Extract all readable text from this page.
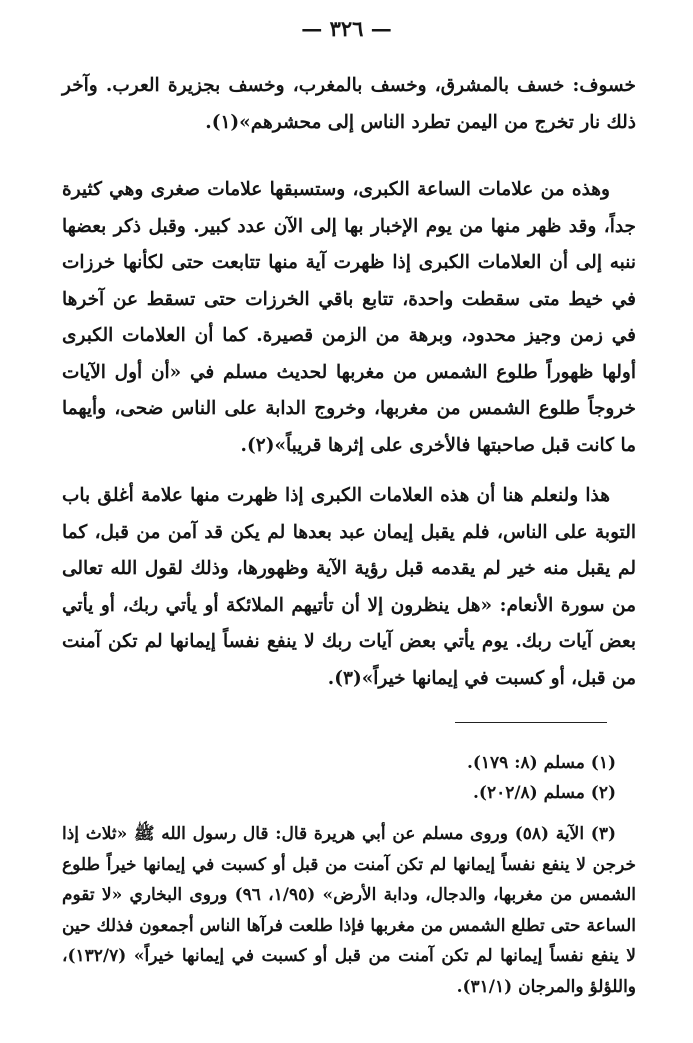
— ٣٢٦ —

خسوف: خسف بالمشرق، وخسف بالمغرب، وخسف بجزيرة العرب. وآخر ذلك نار تخرج من اليمن تطرد الناس إلى محشرهم»(١).

وهذه من علامات الساعة الكبرى، وستسبقها علامات صغرى وهي كثيرة جداً، وقد ظهر منها من يوم الإخبار بها إلى الآن عدد كبير. وقبل ذكر بعضها ننبه إلى أن العلامات الكبرى إذا ظهرت آية منها تتابعت حتى لكأنها خرزات في خيط متى سقطت واحدة، تتابع باقي الخرزات حتى تسقط عن آخرها في زمن وجيز محدود، وبرهة من الزمن قصيرة. كما أن العلامات الكبرى أولها ظهوراً طلوع الشمس من مغربها لحديث مسلم في «أن أول الآيات خروجاً طلوع الشمس من مغربها، وخروج الدابة على الناس ضحى، وأيهما ما كانت قبل صاحبتها فالأخرى على إثرها قريباً»(٢).

هذا ولنعلم هنا أن هذه العلامات الكبرى إذا ظهرت منها علامة أغلق باب التوبة على الناس، فلم يقبل إيمان عبد بعدها لم يكن قد آمن من قبل، كما لم يقبل منه خير لم يقدمه قبل رؤية الآية وظهورها، وذلك لقول الله تعالى من سورة الأنعام: «هل ينظرون إلا أن تأتيهم الملائكة أو يأتي ربك، أو يأتي بعض آيات ربك. يوم يأتي بعض آيات ربك لا ينفع نفساً إيمانها لم تكن آمنت من قبل، أو كسبت في إيمانها خيراً»(٣).

(١) مسلم (٨: ١٧٩).

(٢) مسلم (٢٠٢/٨).

(٣) الآية (٥٨) وروى مسلم عن أبي هريرة قال: قال رسول الله ﷺ «ثلاث إذا خرجن لا ينفع نفساً إيمانها لم تكن آمنت من قبل أو كسبت في إيمانها خيراً طلوع الشمس من مغربها، والدجال، ودابة الأرض» (١/٩٥، ٩٦) وروى البخاري «لا تقوم الساعة حتى تطلع الشمس من مغربها فإذا طلعت فرآها الناس أجمعون فذلك حين لا ينفع نفساً إيمانها لم تكن آمنت من قبل أو كسبت في إيمانها خيراً» (١٣٢/٧)، واللؤلؤ والمرجان (٣١/١).
